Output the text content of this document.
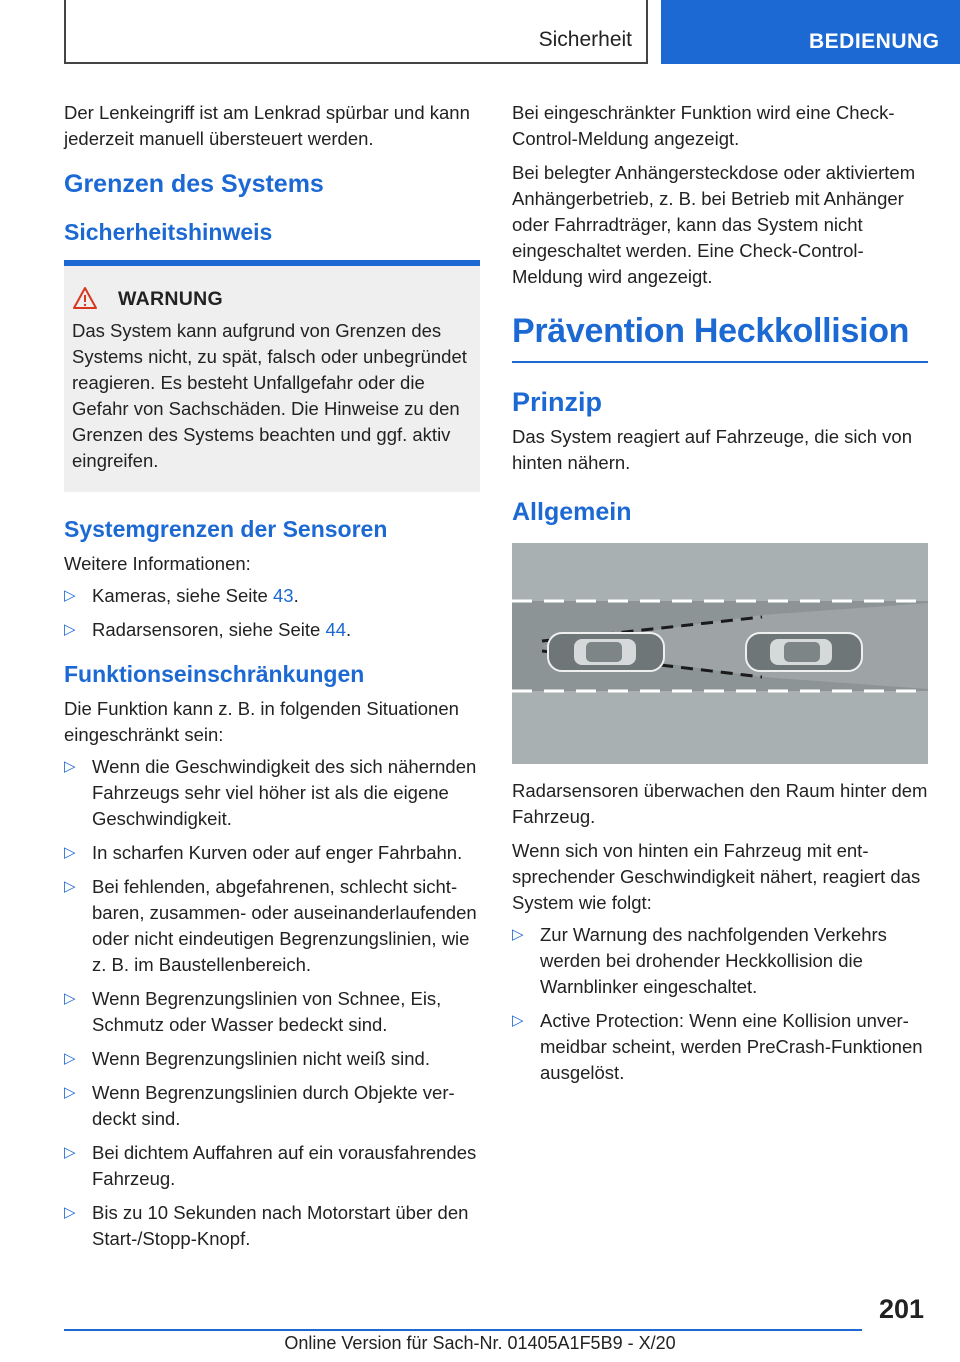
Sicherheit	BEDIENUNG

Der Lenkeingriff ist am Lenkrad spürbar und kann jederzeit manuell übersteuert werden.

Grenzen des Systems
Sicherheitshinweis
WARNUNG

Das System kann aufgrund von Grenzen des Systems nicht, zu spät, falsch oder unbegründet reagieren. Es besteht Unfallgefahr oder die Gefahr von Sachschäden. Die Hinweise zu den Grenzen des Systems beachten und ggf. aktiv eingreifen.

Systemgrenzen der Sensoren

Weitere Informationen:

▷ Kameras, siehe Seite 43.
▷ Radarsensoren, siehe Seite 44.
Funktionseinschränkungen

Die Funktion kann z. B. in folgenden Situationen eingeschränkt sein:

▷ Wenn die Geschwindigkeit des sich nähernden Fahrzeugs sehr viel höher ist als die eigene Geschwindigkeit.
▷ In scharfen Kurven oder auf enger Fahrbahn.
▷ Bei fehlenden, abgefahrenen, schlecht sichtbaren, zusammen- oder auseinanderlaufenden oder nicht eindeutigen Begrenzungslinien, wie z. B. im Baustellenbereich.
▷ Wenn Begrenzungslinien von Schnee, Eis, Schmutz oder Wasser bedeckt sind.
▷ Wenn Begrenzungslinien nicht weiß sind.
▷ Wenn Begrenzungslinien durch Objekte verdeckt sind.
▷ Bei dichtem Auffahren auf ein vorausfahrendes Fahrzeug.
▷ Bis zu 10 Sekunden nach Motorstart über den Start-/Stopp-Knopf.

Bei eingeschränkter Funktion wird eine Check-Control-Meldung angezeigt.

Bei belegter Anhängersteckdose oder aktiviertem Anhängerbetrieb, z. B. bei Betrieb mit Anhänger oder Fahrradträger, kann das System nicht eingeschaltet werden. Eine Check-Control-Meldung wird angezeigt.

Prävention Heckkollision
Prinzip

Das System reagiert auf Fahrzeuge, die sich von hinten nähern.

Allgemein

Radarsensoren überwachen den Raum hinter dem Fahrzeug.

Wenn sich von hinten ein Fahrzeug mit entsprechender Geschwindigkeit nähert, reagiert das System wie folgt:

▷ Zur Warnung des nachfolgenden Verkehrs werden bei drohender Heckkollision die Warnblinker eingeschaltet.
▷ Active Protection: Wenn eine Kollision unvermeidbar scheint, werden PreCrash-Funktionen ausgelöst.
201
Online Version für Sach-Nr. 01405A1F5B9 - X/20
